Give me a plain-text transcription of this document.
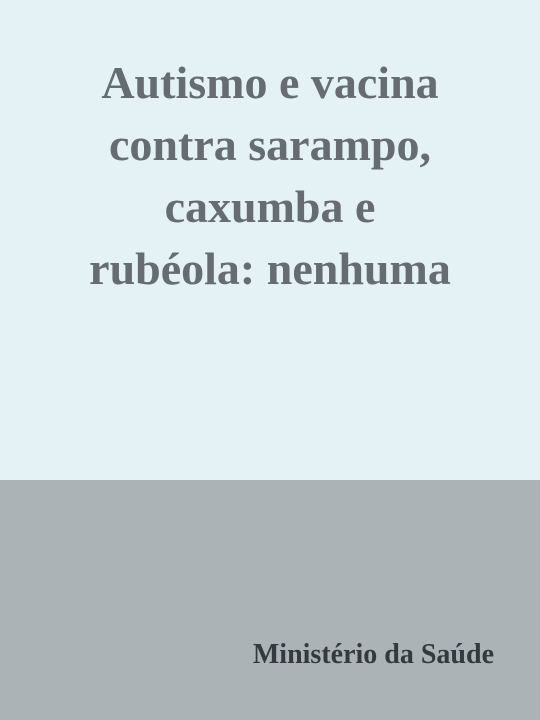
Autismo e vacina
contra sarampo,
caxumba e
rubéola: nenhuma

Ministério da Saúde
